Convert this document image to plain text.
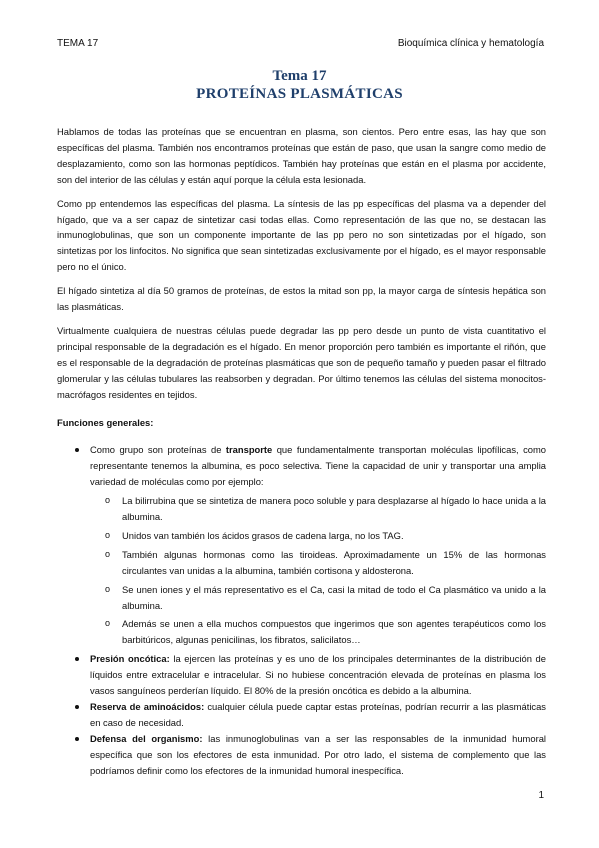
TEMA 17	Bioquímica clínica y hematología
Tema 17
PROTEÍNAS PLASMÁTICAS

Hablamos de todas las proteínas que se encuentran en plasma, son cientos. Pero entre esas, las hay que son específicas del plasma. También nos encontramos proteínas que están de paso, que usan la sangre como medio de desplazamiento, como son las hormonas peptídicos. También hay proteínas que están en el plasma por accidente, son del interior de las células y están aquí porque la célula esta lesionada.

Como pp entendemos las específicas del plasma. La síntesis de las pp específicas del plasma va a depender del hígado, que va a ser capaz de sintetizar casi todas ellas. Como representación de las que no, se destacan las inmunoglobulinas, que son un componente importante de las pp pero no son sintetizadas por el hígado, son sintetizas por los linfocitos. No significa que sean sintetizadas exclusivamente por el hígado, es el mayor responsable pero no el único.

El hígado sintetiza al día 50 gramos de proteínas, de estos la mitad son pp, la mayor carga de síntesis hepática son las plasmáticas.

Virtualmente cualquiera de nuestras células puede degradar las pp pero desde un punto de vista cuantitativo el principal responsable de la degradación es el hígado. En menor proporción pero también es importante el riñón, que es el responsable de la degradación de proteínas plasmáticas que son de pequeño tamaño y pueden pasar el filtrado glomerular y las células tubulares las reabsorben y degradan. Por último tenemos las células del sistema monocitos-macrófagos residentes en tejidos.

Funciones generales:

Como grupo son proteínas de transporte que fundamentalmente transportan moléculas lipofílicas, como representante tenemos la albumina, es poco selectiva. Tiene la capacidad de unir y transportar una amplia variedad de moléculas como por ejemplo:
o La bilirrubina que se sintetiza de manera poco soluble y para desplazarse al hígado lo hace unida a la albumina.
o Unidos van también los ácidos grasos de cadena larga, no los TAG.
o También algunas hormonas como las tiroideas. Aproximadamente un 15% de las hormonas circulantes van unidas a la albumina, también cortisona y aldosterona.
o Se unen iones y el más representativo es el Ca, casi la mitad de todo el Ca plasmático va unido a la albumina.
o Además se unen a ella muchos compuestos que ingerimos que son agentes terapéuticos como los barbitúricos, algunas penicilinas, los fibratos, salicilatos…
Presión oncótica: la ejercen las proteínas y es uno de los principales determinantes de la distribución de líquidos entre extracelular e intracelular. Si no hubiese concentración elevada de proteínas en plasma los vasos sanguíneos perderían líquido. El 80% de la presión oncótica es debido a la albumina.
Reserva de aminoácidos: cualquier célula puede captar estas proteínas, podrían recurrir a las plasmáticas en caso de necesidad.
Defensa del organismo: las inmunoglobulinas van a ser las responsables de la inmunidad humoral específica que son los efectores de esta inmunidad. Por otro lado, el sistema de complemento que las podríamos definir como los efectores de la inmunidad humoral inespecífica.
1
